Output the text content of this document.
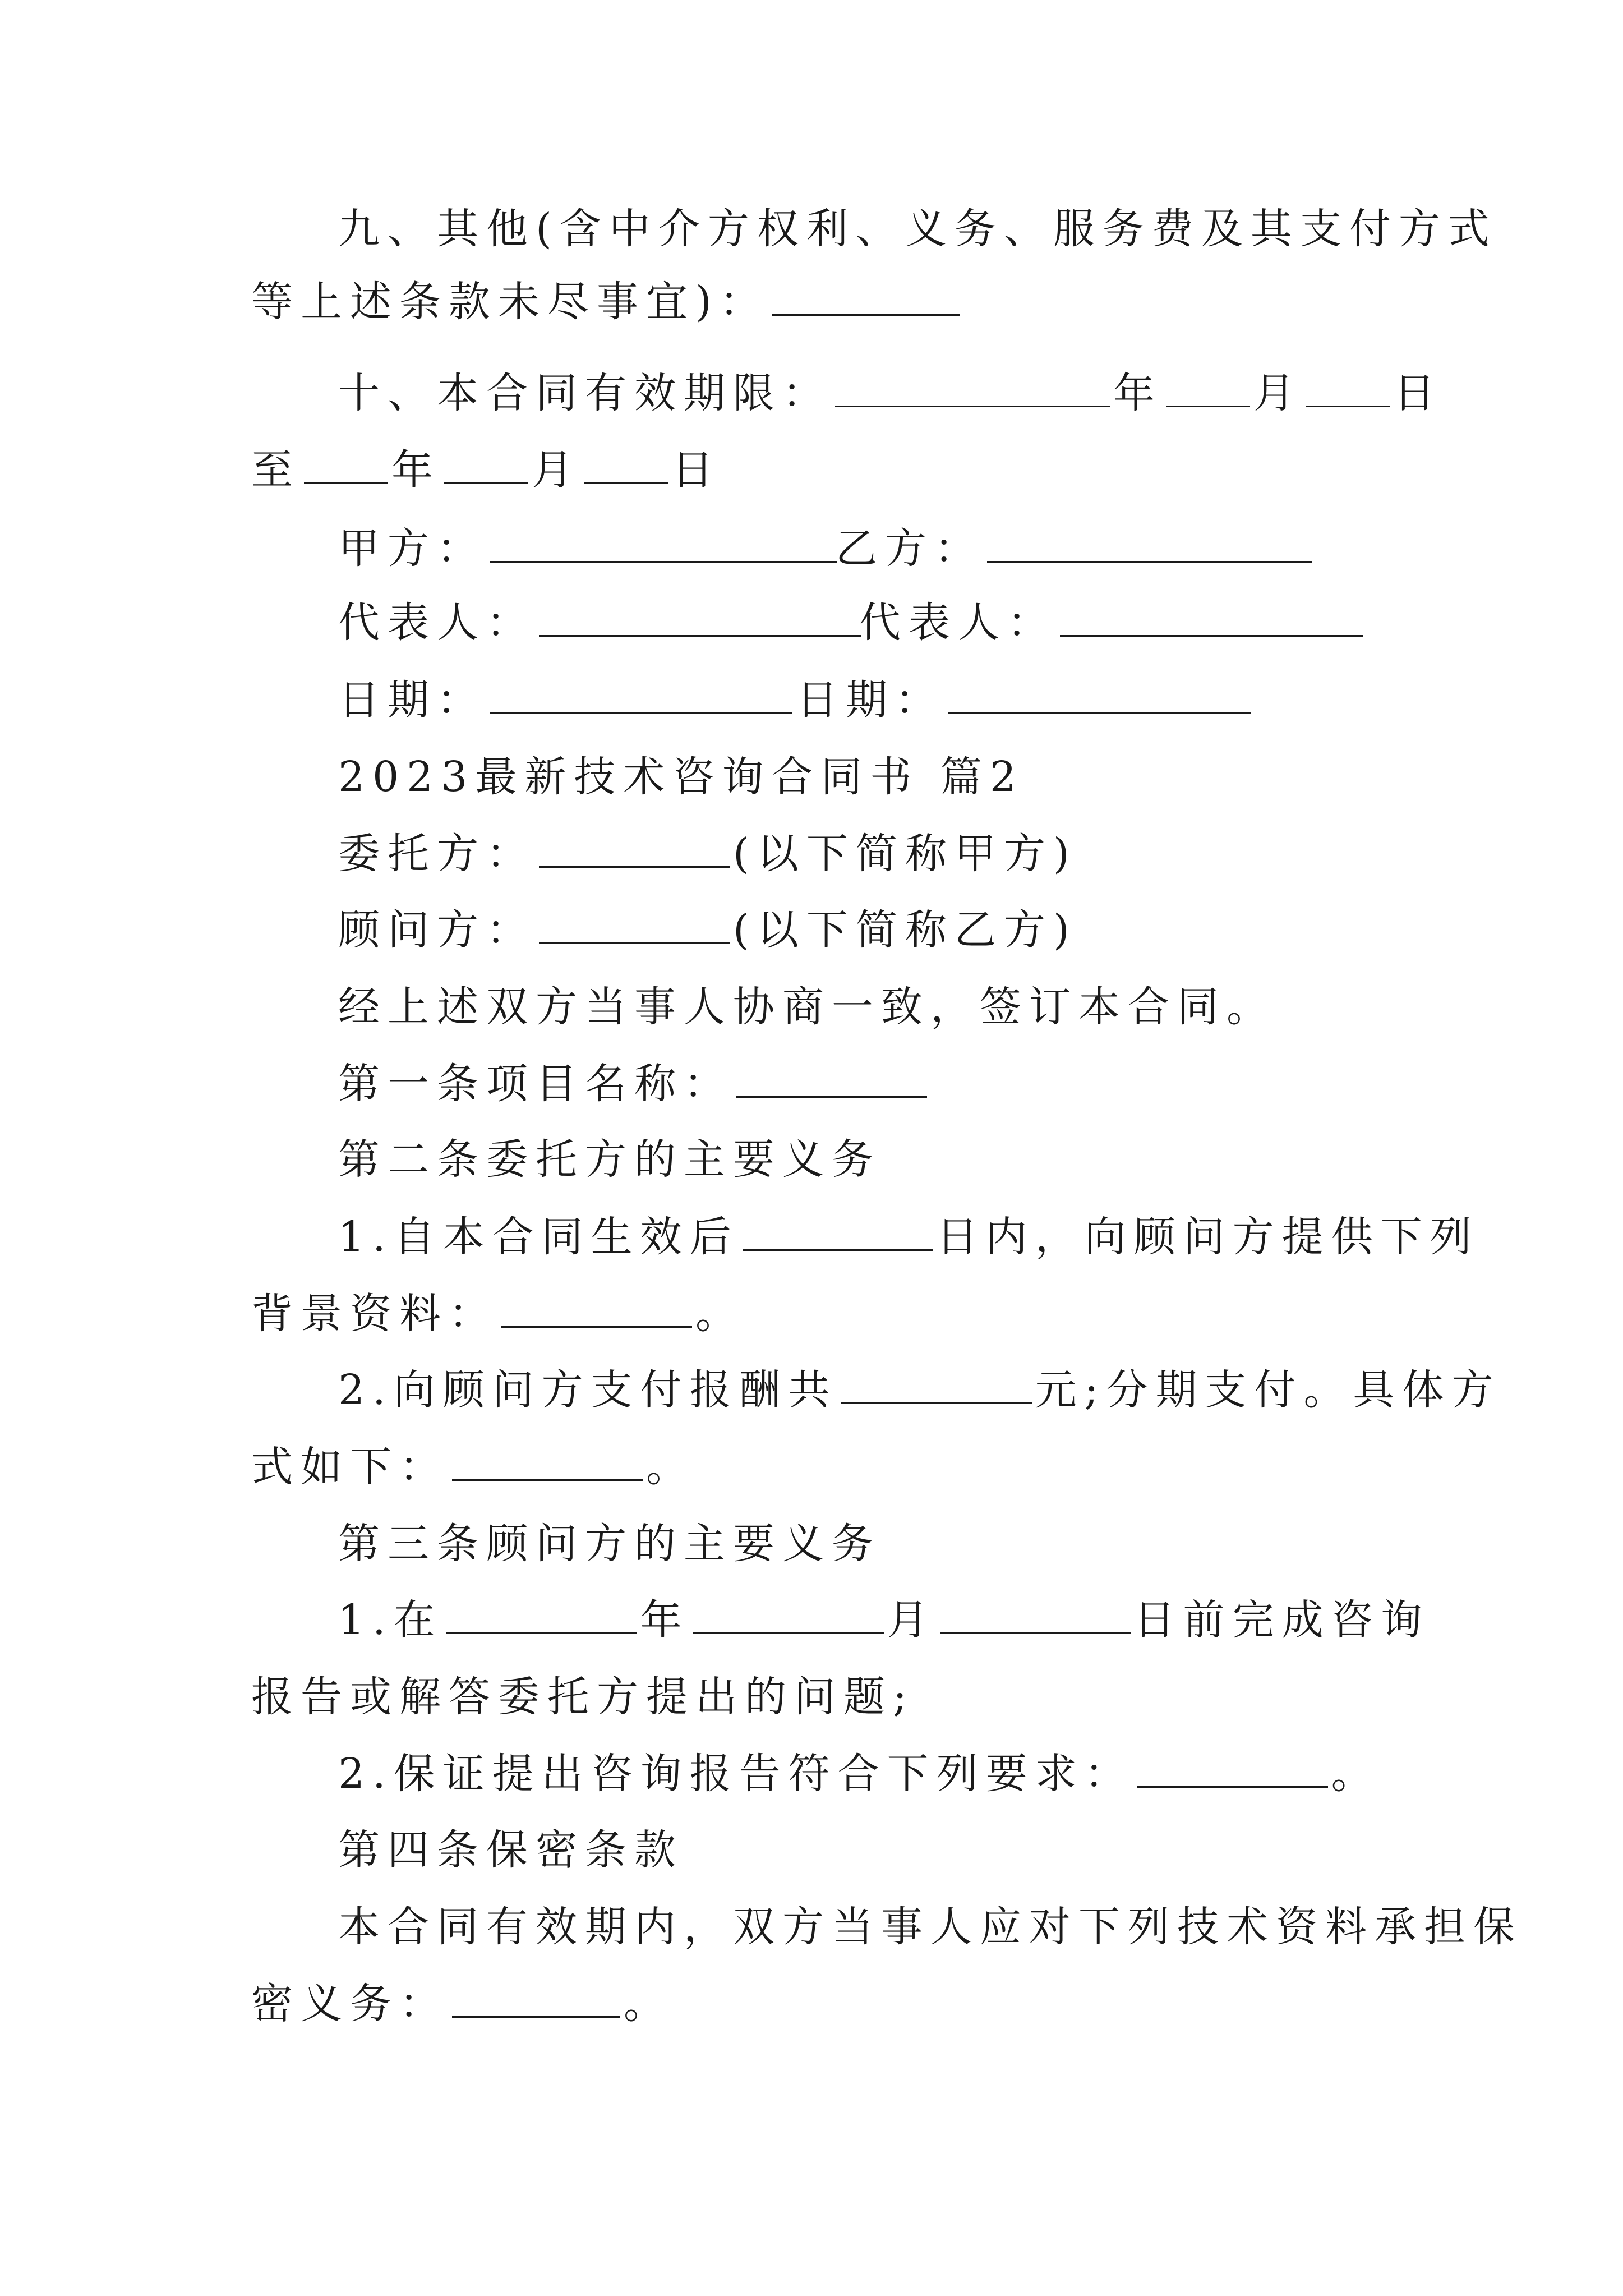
九、其他(含中介方权利、义务、服务费及其支付方式
等上述条款未尽事宜)：
十、本合同有效期限：	年 月 日
至 年 月 日
甲方：	乙方：
代表人：	代表人：
日期：	日期：
2023最新技术咨询合同书 篇2
委托方：	(以下简称甲方)
顾问方：	(以下简称乙方)
经上述双方当事人协商一致，签订本合同。
第一条项目名称：
第二条委托方的主要义务
1.自本合同生效后	日内，向顾问方提供下列
背景资料：	。
2.向顾问方支付报酬共	元;分期支付。具体方
式如下：	。
第三条顾问方的主要义务
1.在	年	月	日前完成咨询
报告或解答委托方提出的问题;
2.保证提出咨询报告符合下列要求：	。
第四条保密条款
本合同有效期内，双方当事人应对下列技术资料承担保
密义务：	。
